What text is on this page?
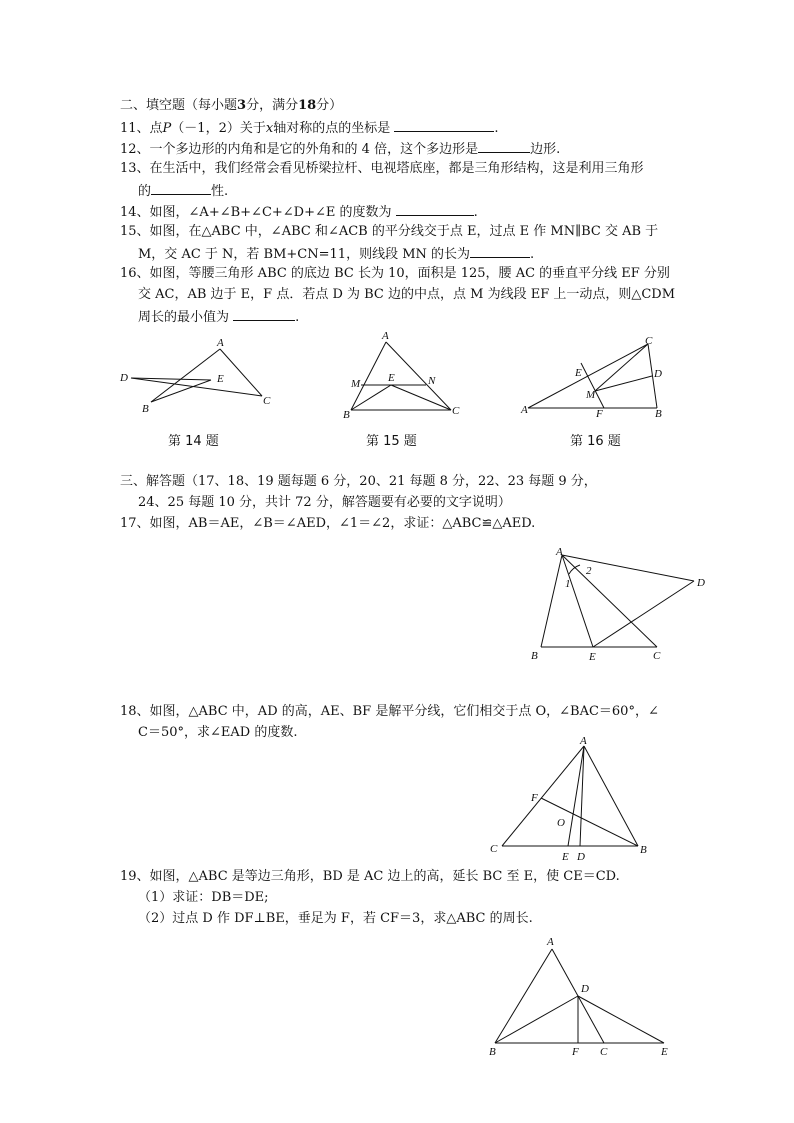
二、填空题（每小题3分，满分18分）
11、点P（－1，2）关于x轴对称的点的坐标是	.
12、一个多边形的内角和是它的外角和的 4 倍，这个多边形是	边形.
13、在生活中，我们经常会看见桥梁拉杆、电视塔底座，都是三角形结构，这是利用三角形
的	性.
14、如图，∠A+∠B+∠C+∠D+∠E 的度数为	.
15、如图，在△ABC 中，∠ABC 和∠ACB 的平分线交于点 E，过点 E 作 MN∥BC 交 AB 于
M，交 AC 于 N，若 BM+CN=11，则线段 MN 的长为	.
16、如图，等腰三角形 ABC 的底边 BC 长为 10，面积是 125，腰 AC 的垂直平分线 EF 分别
交 AC，AB 边于 E，F 点．若点 D 为 BC 边的中点，点 M 为线段 EF 上一动点，则△CDM
周长的最小值为	.
第 14 题	第 15 题	第 16 题
三、解答题（17、18、19 题每题 6 分，20、21 每题 8 分，22、23 每题 9 分，
24、25 每题 10 分，共计 72 分，解答题要有必要的文字说明）
17、如图，AB＝AE，∠B＝∠AED，∠1＝∠2，求证：△ABC≌△AED.
18、如图，△ABC 中，AD 的高，AE、BF 是解平分线，它们相交于点 O，∠BAC＝60°，∠
C＝50°，求∠EAD 的度数.
19、如图，△ABC 是等边三角形，BD 是 AC 边上的高，延长 BC 至 E，使 CE＝CD.
（1）求证：DB＝DE;
（2）过点 D 作 DF⊥BE，垂足为 F，若 CF＝3，求△ABC 的周长.
A
E
D
B
C
A
E
M	N
B	C
C
E	D
M
A	F	B
A
1
2
D
B	E	C
A
F
O
C
E D
B
A
D
B	F C	E
